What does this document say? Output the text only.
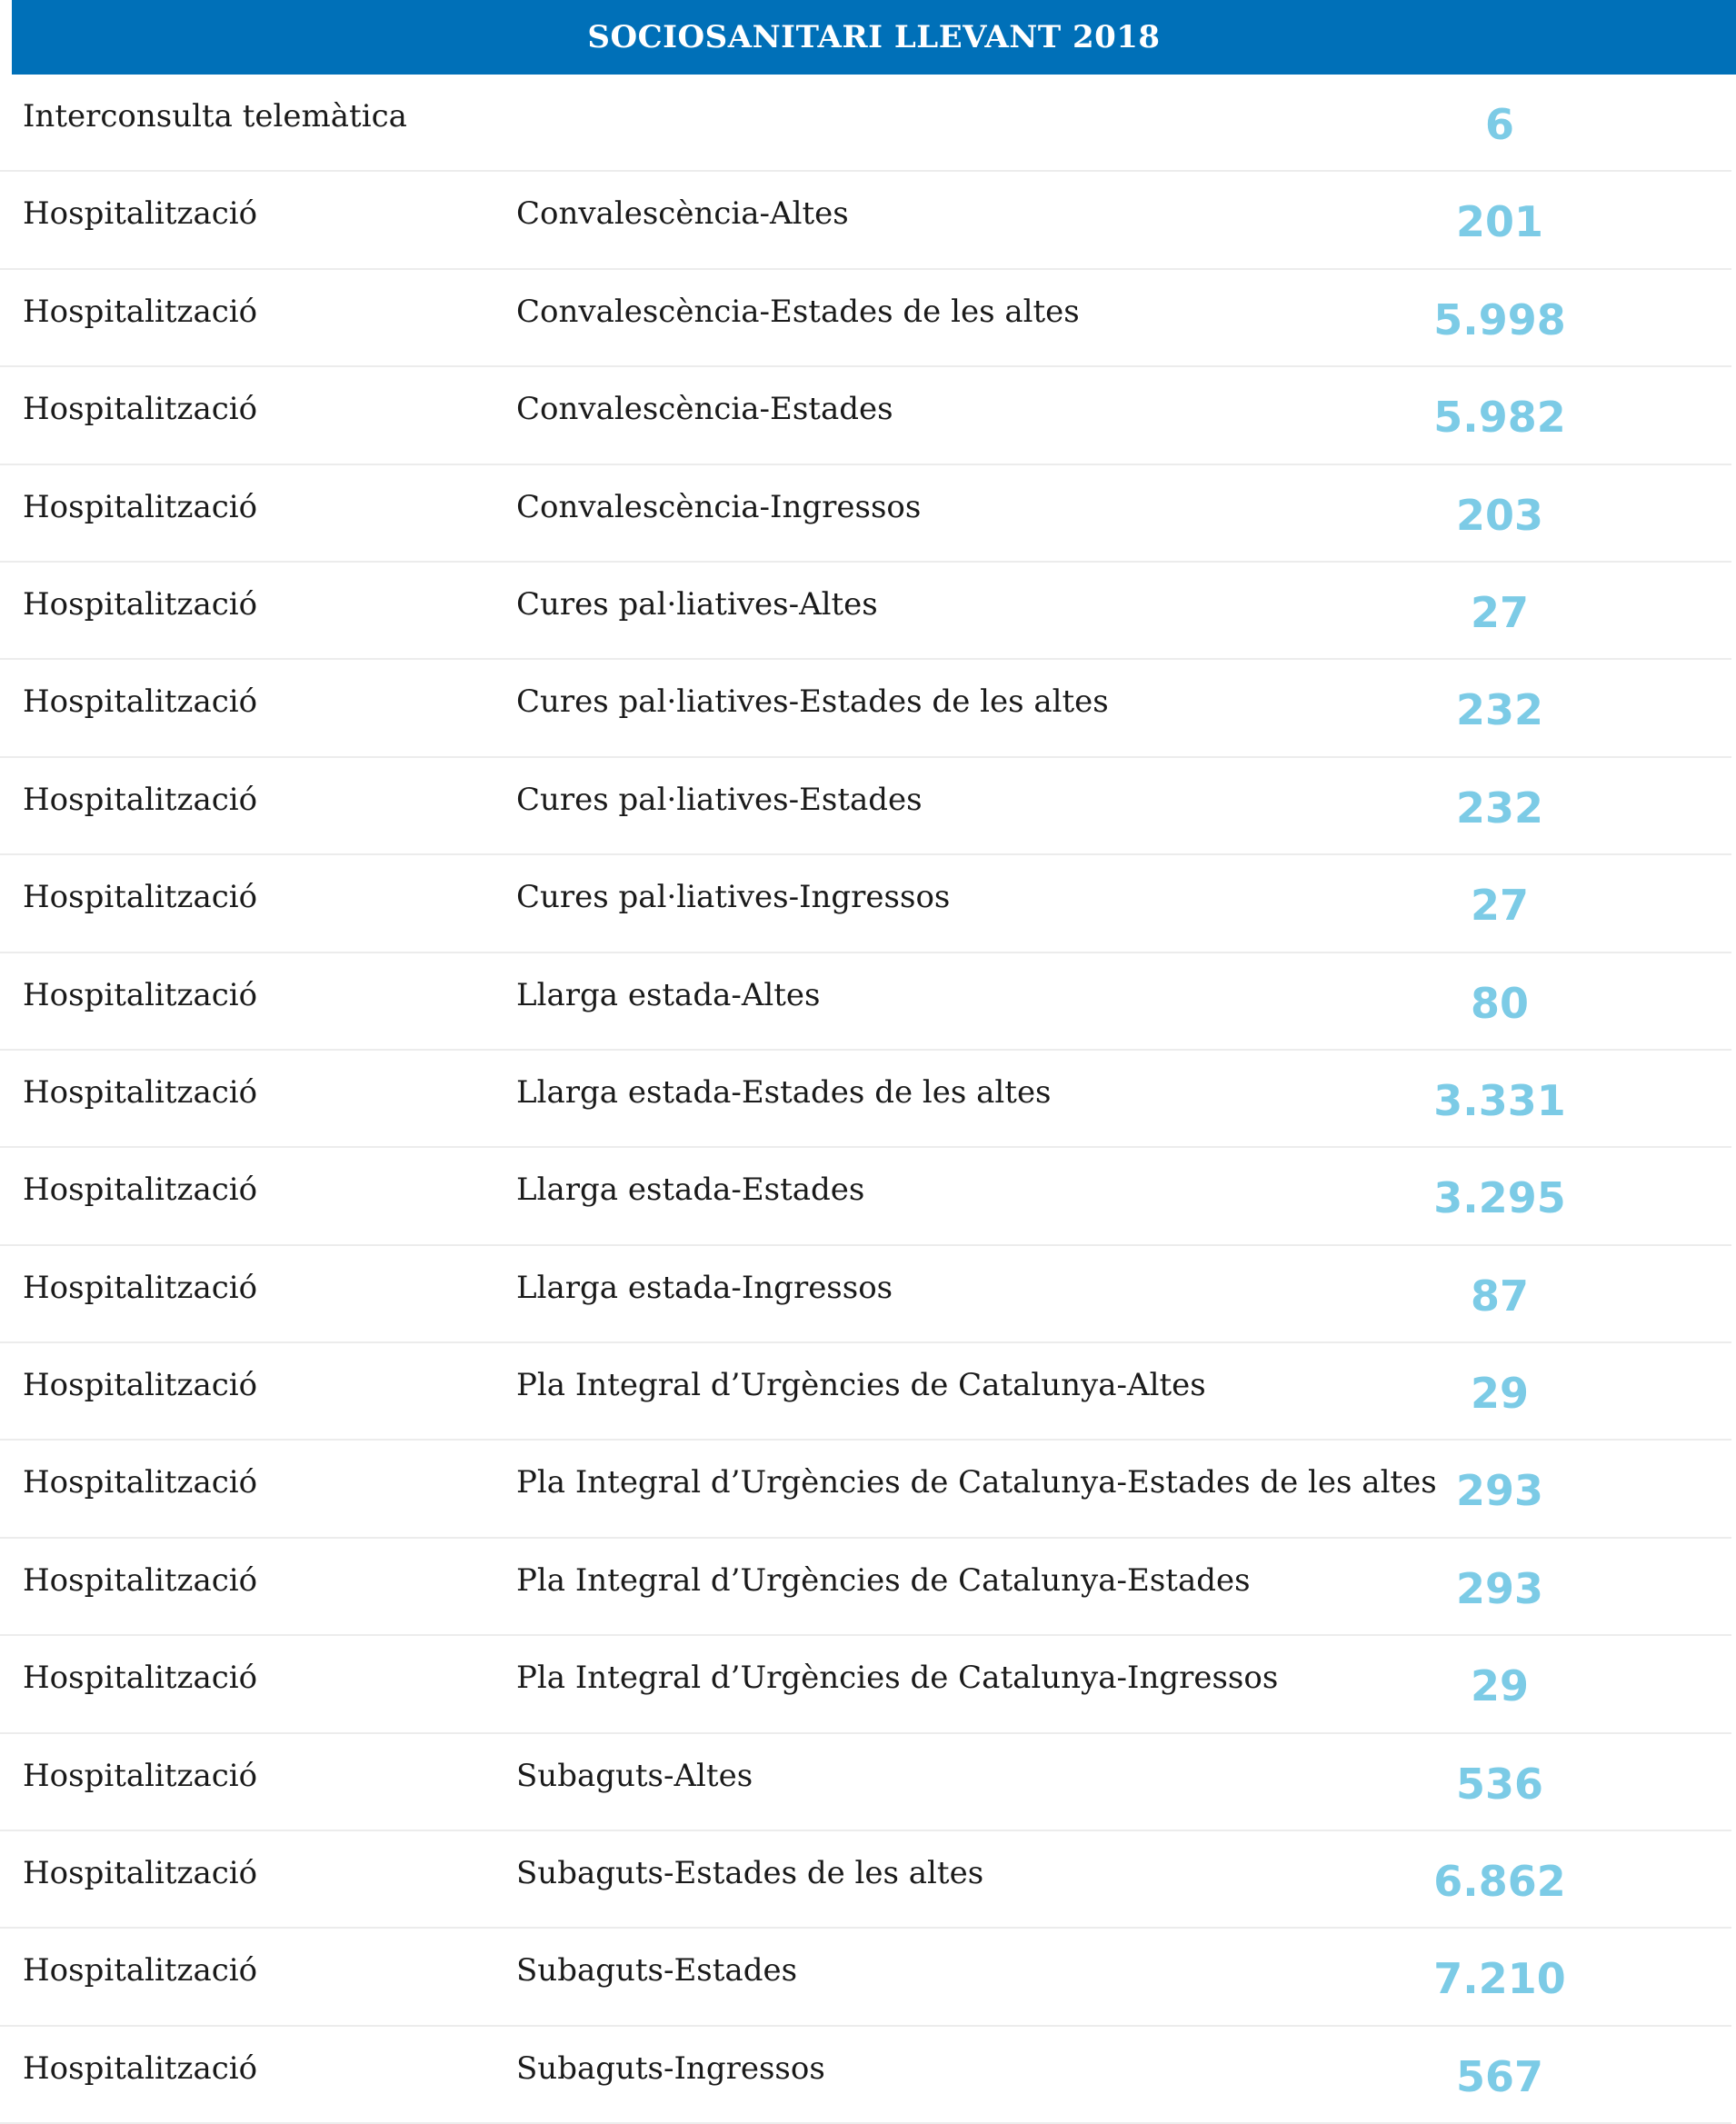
SOCIOSANITARI LLEVANT 2018
Interconsulta telemàtica	6
Hospitalització	Convalescència-Altes	201
Hospitalització	Convalescència-Estades de les altes	5.998
Hospitalització	Convalescència-Estades	5.982
Hospitalització	Convalescència-Ingressos	203
Hospitalització	Cures pal·liatives-Altes	27
Hospitalització	Cures pal·liatives-Estades de les altes	232
Hospitalització	Cures pal·liatives-Estades	232
Hospitalització	Cures pal·liatives-Ingressos	27
Hospitalització	Llarga estada-Altes	80
Hospitalització	Llarga estada-Estades de les altes	3.331
Hospitalització	Llarga estada-Estades	3.295
Hospitalització	Llarga estada-Ingressos	87
Hospitalització	Pla Integral d’Urgències de Catalunya-Altes	29
Hospitalització	Pla Integral d’Urgències de Catalunya-Estades de les altes 293
Hospitalització	Pla Integral d’Urgències de Catalunya-Estades	293
Hospitalització	Pla Integral d’Urgències de Catalunya-Ingressos	29
Hospitalització	Subaguts-Altes	536
Hospitalització	Subaguts-Estades de les altes	6.862
Hospitalització	Subaguts-Estades	7.210
Hospitalització	Subaguts-Ingressos	567
